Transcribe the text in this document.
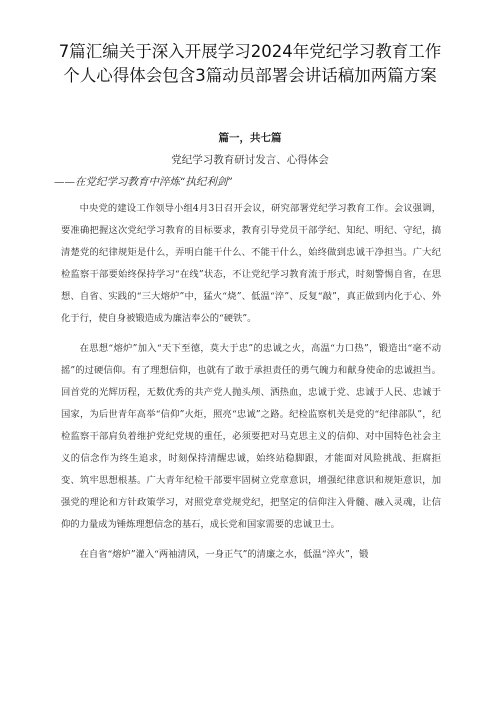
7篇汇编关于深入开展学习2024年党纪学习教育工作
个人心得体会包含3篇动员部署会讲话稿加两篇方案
篇一，共七篇
党纪学习教育研讨发言、心得体会
——在党纪学习教育中淬炼“执纪利剑”

中央党的建设工作领导小组4月3日召开会议，研究部署党纪学习教育工作。会议强调，要准确把握这次党纪学习教育的目标要求，教育引导党员干部学纪、知纪、明纪、守纪，搞清楚党的纪律规矩是什么，弄明白能干什么、不能干什么，始终做到忠诚干净担当。广大纪检监察干部要始终保持学习“在线”状态，不让党纪学习教育流于形式，时刻警惕自省，在思想、自省、实践的“三大熔炉”中，猛火“烧”、低温“淬”、反复“敲”，真正做到内化于心、外化于行，使自身被锻造成为廉洁奉公的“硬铁”。

在思想“熔炉”加入“天下至德，莫大于忠”的忠诚之火，高温“力口热”，锻造出“毫不动摇”的过硬信仰。有了理想信仰，也就有了敢于承担责任的勇气魄力和献身使命的忠诚担当。回首党的光辉历程，无数优秀的共产党人抛头颅、洒热血，忠诚于党、忠诚于人民、忠诚于国家，为后世青年高举“信仰”火炬，照亮“忠诚”之路。纪检监察机关是党的“纪律部队”，纪检监察干部肩负着维护党纪党规的重任，必须要把对马克思主义的信仰、对中国特色社会主义的信念作为终生追求，时刻保持清醒忠诚，始终站稳脚跟，才能面对风险挑战、拒腐拒变、筑牢思想根基。广大青年纪检干部要牢固树立党章意识，增强纪律意识和规矩意识，加强党的理论和方针政策学习，对照党章党规党纪，把坚定的信仰注入骨髓、融入灵魂，让信仰的力量成为锤炼理想信念的基石，成长党和国家需要的忠诚卫士。

在自省“熔炉”灌入“两袖清风，一身正气”的清廉之水，低温“淬火”，锻
